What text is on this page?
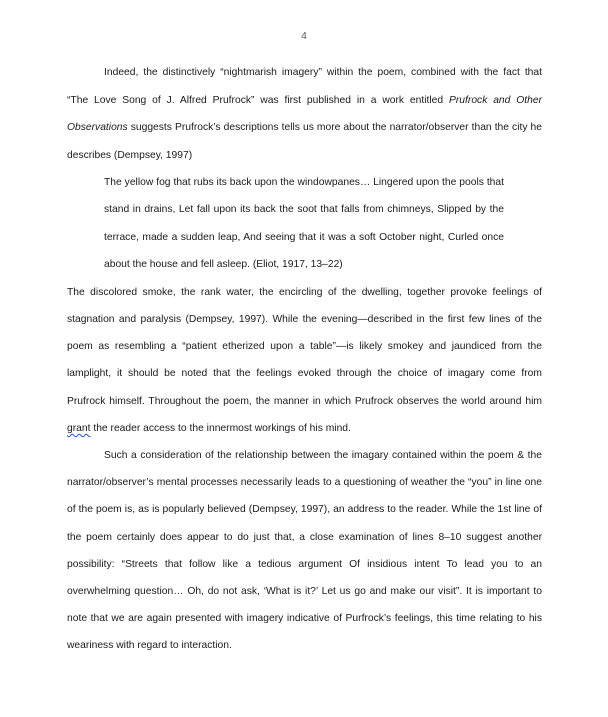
4
Indeed, the distinctively “nightmarish imagery” within the poem, combined with the fact that
“The Love Song of J. Alfred Prufrock” was first published in a work entitled Prufrock and Other
Observations suggests Prufrock’s descriptions tells us more about the narrator/observer than the city he
describes (Dempsey, 1997)
The yellow fog that rubs its back upon the windowpanes… Lingered upon the pools that
stand in drains, Let fall upon its back the soot that falls from chimneys, Slipped by the
terrace, made a sudden leap, And seeing that it was a soft October night, Curled once
about the house and fell asleep. (Eliot, 1917, 13–22)
The discolored smoke, the rank water, the encircling of the dwelling, together provoke feelings of
stagnation and paralysis (Dempsey, 1997). While the evening—described in the first few lines of the
poem as resembling a “patient etherized upon a table”—is likely smokey and jaundiced from the
lamplight, it should be noted that the feelings evoked through the choice of imagary come from
Prufrock himself. Throughout the poem, the manner in which Prufrock observes the world around him
grant the reader access to the innermost workings of his mind.
Such a consideration of the relationship between the imagary contained within the poem & the
narrator/observer’s mental processes necessarily leads to a questioning of weather the “you” in line one
of the poem is, as is popularly believed (Dempsey, 1997), an address to the reader. While the 1st line of
the poem certainly does appear to do just that, a close examination of lines 8–10 suggest another
possibility: “Streets that follow like a tedious argument Of insidious intent To lead you to an
overwhelming question… Oh, do not ask, ‘What is it?’ Let us go and make our visit”. It is important to
note that we are again presented with imagery indicative of Purfrock’s feelings, this time relating to his
weariness with regard to interaction.
